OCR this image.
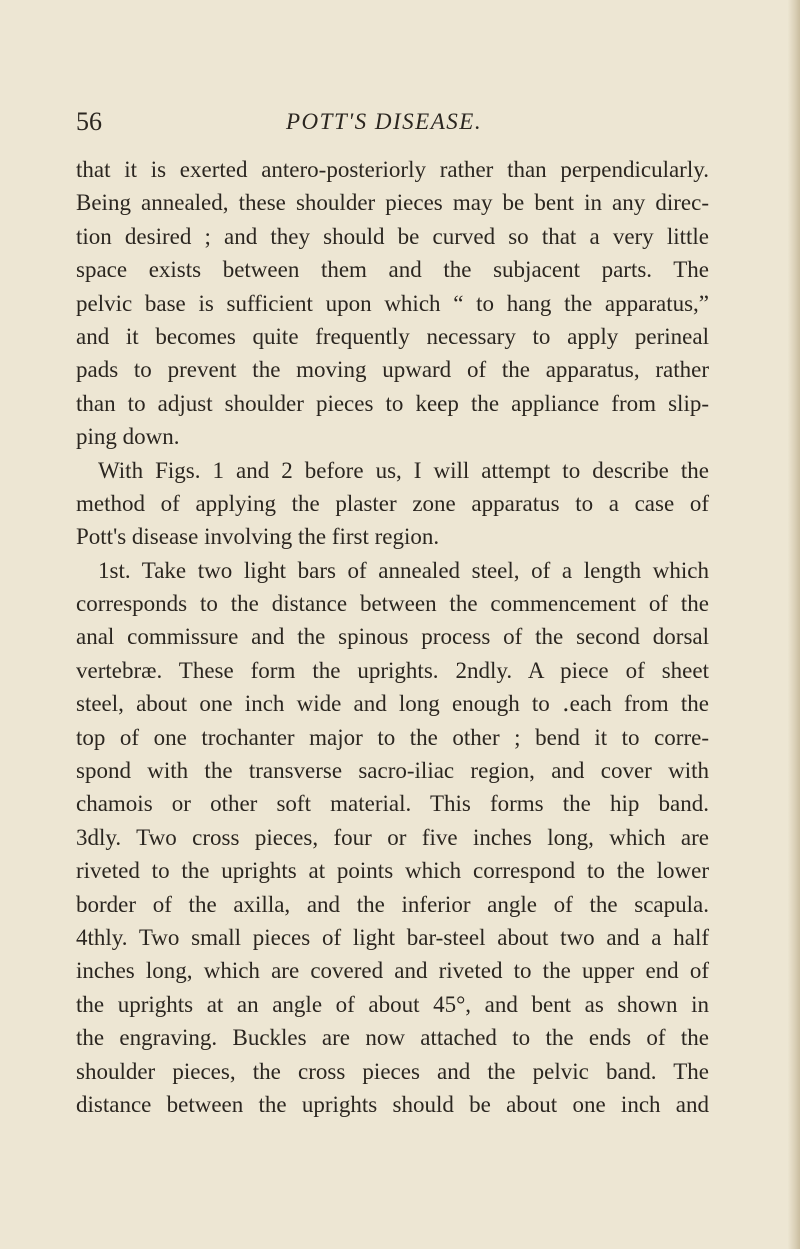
56	POTT'S DISEASE.
that it is exerted antero-posteriorly rather than perpendicularly.
Being annealed, these shoulder pieces may be bent in any direc-
tion desired ; and they should be curved so that a very little
space exists between them and the subjacent parts. The
pelvic base is sufficient upon which “ to hang the apparatus,”
and it becomes quite frequently necessary to apply perineal
pads to prevent the moving upward of the apparatus, rather
than to adjust shoulder pieces to keep the appliance from slip-
ping down.
With Figs. 1 and 2 before us, I will attempt to describe the
method of applying the plaster zone apparatus to a case of
Pott's disease involving the first region.
1st. Take two light bars of annealed steel, of a length which
corresponds to the distance between the commencement of the
anal commissure and the spinous process of the second dorsal
vertebræ. These form the uprights. 2ndly. A piece of sheet
steel, about one inch wide and long enough to ․each from the
top of one trochanter major to the other ; bend it to corre-
spond with the transverse sacro-iliac region, and cover with
chamois or other soft material. This forms the hip band.
3dly. Two cross pieces, four or five inches long, which are
riveted to the uprights at points which correspond to the lower
border of the axilla, and the inferior angle of the scapula.
4thly. Two small pieces of light bar-steel about two and a half
inches long, which are covered and riveted to the upper end of
the uprights at an angle of about 45°, and bent as shown in
the engraving. Buckles are now attached to the ends of the
shoulder pieces, the cross pieces and the pelvic band. The
distance between the uprights should be about one inch and
